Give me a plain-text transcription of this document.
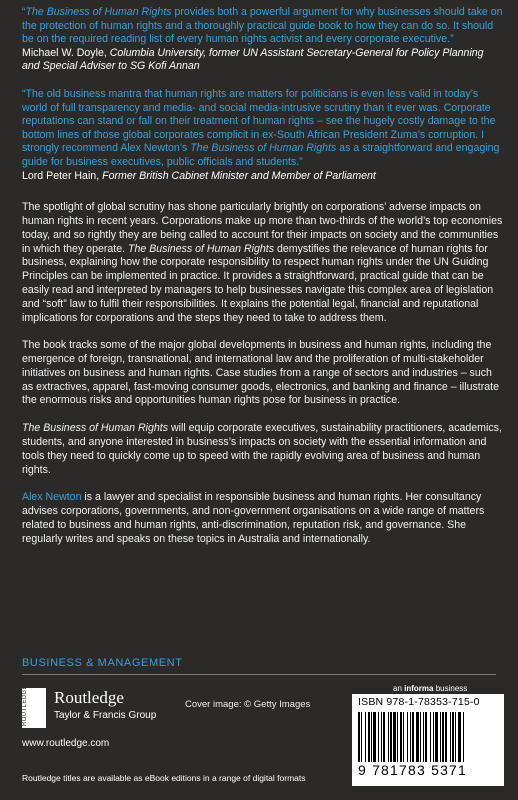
“The Business of Human Rights provides both a powerful argument for why businesses should take on the protection of human rights and a thoroughly practical guide book to how they can do so. It should be on the required reading list of every human rights activist and every corporate executive.”

Michael W. Doyle, Columbia University, former UN Assistant Secretary-General for Policy Planning and Special Adviser to SG Kofi Annan

“The old business mantra that human rights are matters for politicians is even less valid in today’s world of full transparency and media- and social media-intrusive scrutiny than it ever was. Corporate reputations can stand or fall on their treatment of human rights – see the hugely costly damage to the bottom lines of those global corporates complicit in ex-South African President Zuma’s corruption. I strongly recommend Alex Newton’s The Business of Human Rights as a straightforward and engaging guide for business executives, public officials and students.”

Lord Peter Hain, Former British Cabinet Minister and Member of Parliament

The spotlight of global scrutiny has shone particularly brightly on corporations’ adverse impacts on human rights in recent years. Corporations make up more than two-thirds of the world’s top economies today, and so rightly they are being called to account for their impacts on society and the communities in which they operate. The Business of Human Rights demystifies the relevance of human rights for business, explaining how the corporate responsibility to respect human rights under the UN Guiding Principles can be implemented in practice. It provides a straightforward, practical guide that can be easily read and interpreted by managers to help businesses navigate this complex area of legislation and “soft” law to fulfil their responsibilities. It explains the potential legal, financial and reputational implications for corporations and the steps they need to take to address them.

The book tracks some of the major global developments in business and human rights, including the emergence of foreign, transnational, and international law and the proliferation of multi-stakeholder initiatives on business and human rights. Case studies from a range of sectors and industries – such as extractives, apparel, fast-moving consumer goods, electronics, and banking and finance – illustrate the enormous risks and opportunities human rights pose for business in practice.

The Business of Human Rights will equip corporate executives, sustainability practitioners, academics, students, and anyone interested in business’s impacts on society with the essential information and tools they need to quickly come up to speed with the rapidly evolving area of business and human rights.

Alex Newton is a lawyer and specialist in responsible business and human rights. Her consultancy advises corporations, governments, and non-government organisations on a wide range of matters related to business and human rights, anti-discrimination, reputation risk, and governance. She regularly writes and speaks on these topics in Australia and internationally.

BUSINESS & MANAGEMENT
an informa business
ROUTLEDGE	Routledge
Taylor & Francis Group
Cover image: © Getty Images
www.routledge.com
ISBN 978-1-78353-715-0
9 781783 5371
Routledge titles are available as eBook editions in a range of digital formats
